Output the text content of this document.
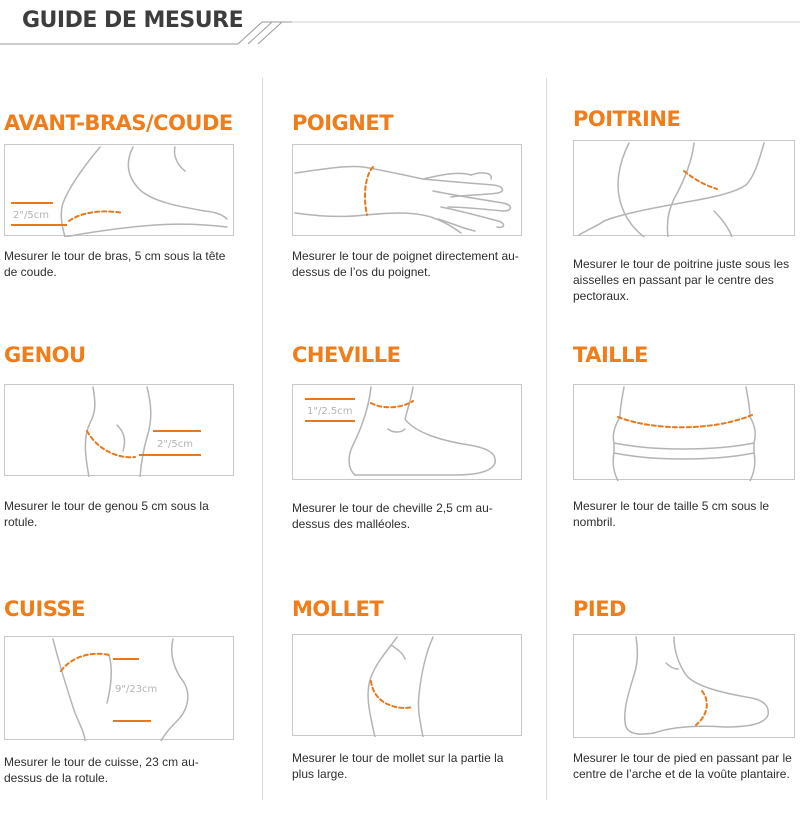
GUIDE DE MESURE
AVANT-BRAS/COUDE
2"/5cm

Mesurer le tour de bras, 5 cm sous la tête de coude.

POIGNET

Mesurer le tour de poignet directement au-dessus de l’os du poignet.

POITRINE

Mesurer le tour de poitrine juste sous les aisselles en passant par le centre des pectoraux.

GENOU
2"/5cm

Mesurer le tour de genou 5 cm sous la rotule.

CHEVILLE
1"/2.5cm

Mesurer le tour de cheville 2,5 cm au-dessus des malléoles.

TAILLE

Mesurer le tour de taille 5 cm sous le nombril.

CUISSE
9"/23cm

Mesurer le tour de cuisse, 23 cm au-dessus de la rotule.

MOLLET

Mesurer le tour de mollet sur la partie la plus large.

PIED

Mesurer le tour de pied en passant par le centre de l’arche et de la voûte plantaire.
